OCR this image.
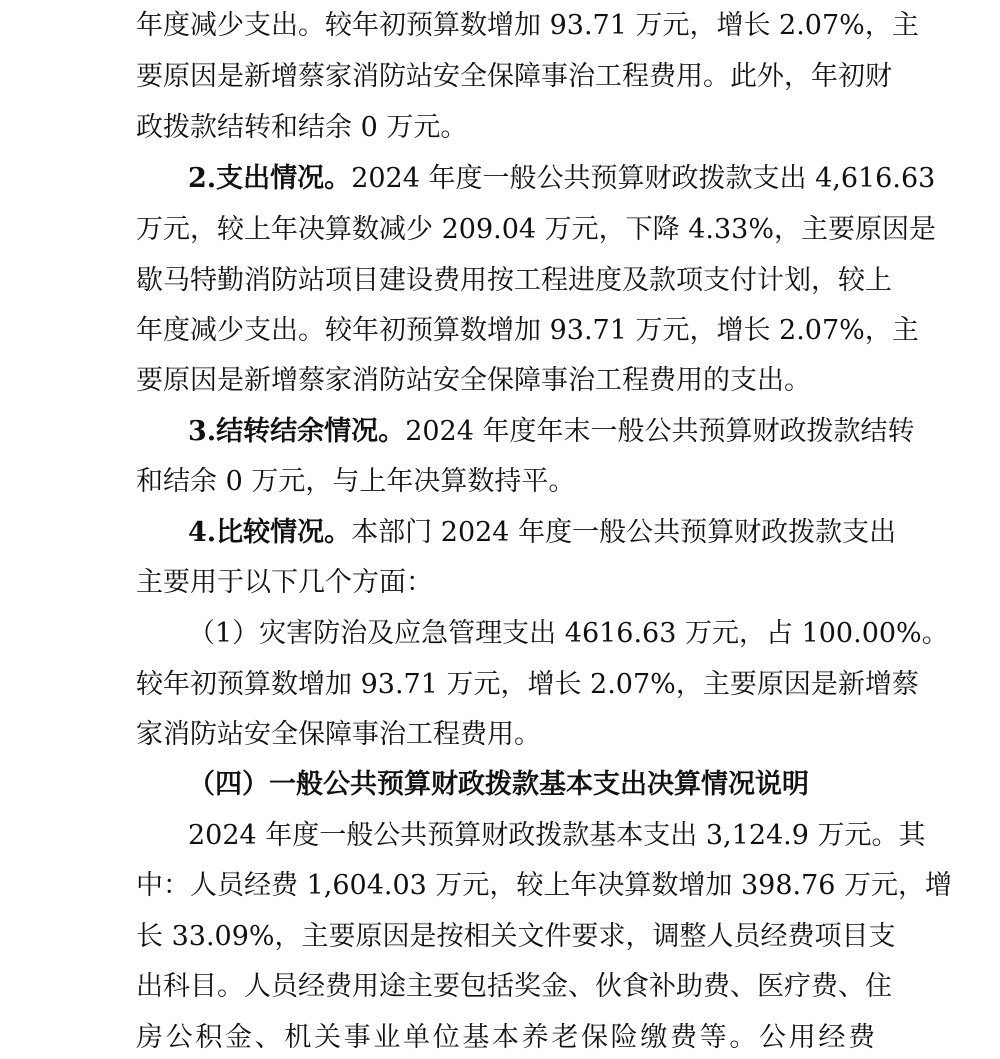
年度减少支出。较年初预算数增加 93.71 万元，增长 2.07%，主
要原因是新增蔡家消防站安全保障事治工程费用。此外，年初财
政拨款结转和结余 0 万元。
2.支出情况。2024 年度一般公共预算财政拨款支出 4,616.63
万元，较上年决算数减少 209.04 万元，下降 4.33%，主要原因是
歇马特勤消防站项目建设费用按工程进度及款项支付计划，较上
年度减少支出。较年初预算数增加 93.71 万元，增长 2.07%，主
要原因是新增蔡家消防站安全保障事治工程费用的支出。
3.结转结余情况。2024 年度年末一般公共预算财政拨款结转
和结余 0 万元，与上年决算数持平。
4.比较情况。本部门 2024 年度一般公共预算财政拨款支出
主要用于以下几个方面：
（1）灾害防治及应急管理支出 4616.63 万元，占 100.00%。
较年初预算数增加 93.71 万元，增长 2.07%，主要原因是新增蔡
家消防站安全保障事治工程费用。
（四）一般公共预算财政拨款基本支出决算情况说明
2024 年度一般公共预算财政拨款基本支出 3,124.9 万元。其
中：人员经费 1,604.03 万元，较上年决算数增加 398.76 万元，增
长 33.09%，主要原因是按相关文件要求，调整人员经费项目支
出科目。人员经费用途主要包括奖金、伙食补助费、医疗费、住
房公积金、机关事业单位基本养老保险缴费等。公用经费
